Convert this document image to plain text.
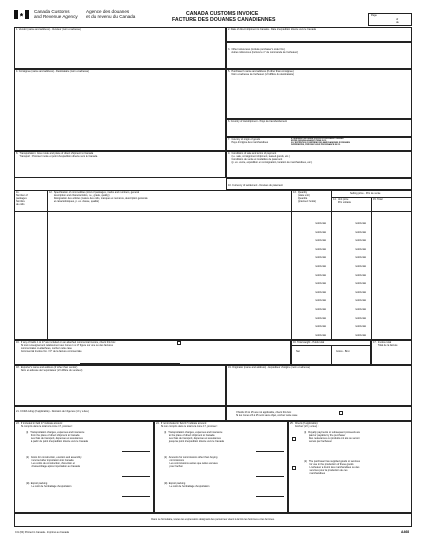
Canada Customs
and Revenue Agency
Agence des douanes
et du revenu du Canada	CANADA CUSTOMS INVOICE
FACTURE DES DOUANES CANADIENNES
Page
of
de
1. Vendor (name and address) - Vendeur (nom et adresse)	2. Date of direct shipment to Canada - Date d'expédition directe vers le Canada
3.  Other references (include purchaser's order No.)
Autres références (inclure le n° de commande de l'acheteur)
4. Consignee (name and address) - Destinataire (nom et adresse)	5.  Purchaser's name and address (if other than consignee)
Nom et adresse de l'acheteur (s'il diffère du destinataire)
6. Country of transhipment - Pays de transbordement
7.  Country of origin of goods
Pays d'origine des marchandises
IF SHIPMENT INCLUDES GOODS OF DIFFERENT ORIGINS
ENTER ORIGINS AGAINST ITEMS IN 12.
SI L'EXPÉDITION COMPREND DES MARCHANDISES D'ORIGINES
DIFFÉRENTES, PRÉCISEZ LEUR PROVENANCE EN 12.
8.  Transportation: Give mode and place of direct shipment to Canada
Transport : Précisez mode et point d'expédition directe vers le Canada
9.  Conditions of sale and terms of payment
(i.e. sale, consignment shipment, leased goods, etc.)
Conditions de vente et modalités de paiement
(p. ex. vente, expédition en consignation, location de marchandises, etc.)
10. Currency of settlement - Devises du paiement
11.
Number of
packages
Nombre
de colis
12.  Specification of commodities (kind of packages, marks and numbers, general
description and characteristics, i.e., grade, quality)
Désignation des articles (nature des colis, marques et numéros, description générale
et caractéristiques, p. ex. classe, qualité)
13.  Quantity
(state unit)
Quantité
(précisez l'unité)
Selling price - Prix de vente
14.  Unit price
Prix unitaire
15. Total
/unit/unité	/unit/unité
/unit/unité	/unit/unité
/unit/unité	/unit/unité
/unit/unité	/unit/unité
/unit/unité	/unit/unité
/unit/unité	/unit/unité
/unit/unité	/unit/unité
/unit/unité	/unit/unité
/unit/unité	/unit/unité
/unit/unité	/unit/unité
/unit/unité	/unit/unité
/unit/unité	/unit/unité
/unit/unité	/unit/unité
/unit/unité	/unit/unité
16.  If any of fields 1 to 17 are included on an attached commercial invoice, check this box
Si tout renseignement relativement aux zones 1 à 17 figure sur une ou des factures
commerciales ci-attachées, cochez cette case
Commercial Invoice No. / N° de la facture commerciale
16. Total weight - Poids total
Net	Gross - Brut
17.  Invoice total
Total de la facture
18.  Exporter's name and address (if other than vendor)
Nom et adresse de l'exportateur (s'il diffère du vendeur)
19. Originator (name and address) - Expéditeur d'origine (nom et adresse)
21. CCRA ruling (if applicable) - Décision de l'Agence (s'il y a lieu)	If fields 23 to 25 are not applicable, check this box
Si les zones 23 à 25 sont sans objet, cochez cette case
23.  If included in field 17 indicate amount:
Si compris dans le total à la zone 17, précisez :
(i)   Transportation charges, expenses and insurance
from the place of direct shipment to Canada
Les frais de transport, dépenses et assurances
à partir du point d'expédition directe vers le Canada
(ii)   Costs for construction, erection and assembly
incurred after importation into Canada
Les coûts de construction, d'érection et
d'assemblage après importation au Canada
(iii)  Export packing
Le coût de l'emballage d'exportation
24.  If not included in field 17 indicate amount:
Si non compris dans le total à la zone 17, précisez :
(i)   Transportation charges, expenses and insurance
to the place of direct shipment to Canada
Les frais de transport, dépenses et assurances
jusqu'au point d'expédition directe vers le Canada
(ii)   Amounts for commissions other than buying
commissions
Les commissions autres que celles versées
pour l'achat
(iii)  Export packing
Le coût de l'emballage d'exportation
25.  Check (if applicable):
Cochez (s'il y a lieu) :
(i)   Royalty payments or subsequent proceeds are
paid or payable by the purchaser
Des redevances ou produits ont été ou seront
versés par l'acheteur
(ii)   The purchaser has supplied goods or services
for use in the production of these goods
L'acheteur a fourni des marchandises ou des
services pour la production de ces
marchandises
Dans ce formulaire, toutes les expressions désignant des personnes visent à la fois les hommes et les femmes.
CI1 (00) Printed in Canada - Imprimé au Canada	A468
